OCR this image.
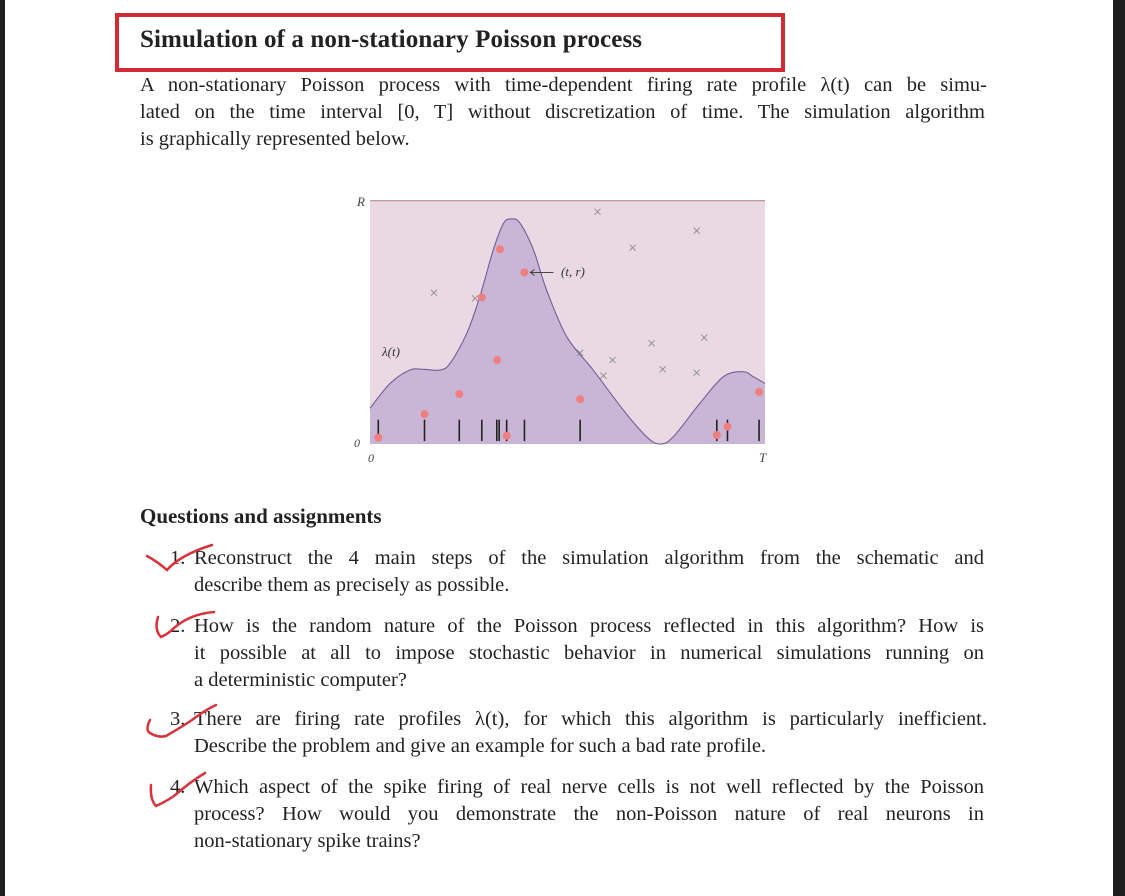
Simulation of a non-stationary Poisson process
A non-stationary Poisson process with time-dependent firing rate profile λ(t) can be simu-
lated on the time interval [0, T] without discretization of time. The simulation algorithm
is graphically represented below.
R
0
0	T
λ(t)
(t, r)
Questions and assignments
1. Reconstruct the 4 main steps of the simulation algorithm from the schematic and
describe them as precisely as possible.
2. How is the random nature of the Poisson process reflected in this algorithm? How is
it possible at all to impose stochastic behavior in numerical simulations running on
a deterministic computer?
3. There are firing rate profiles λ(t), for which this algorithm is particularly inefficient.
Describe the problem and give an example for such a bad rate profile.
4. Which aspect of the spike firing of real nerve cells is not well reflected by the Poisson
process? How would you demonstrate the non-Poisson nature of real neurons in
non-stationary spike trains?
